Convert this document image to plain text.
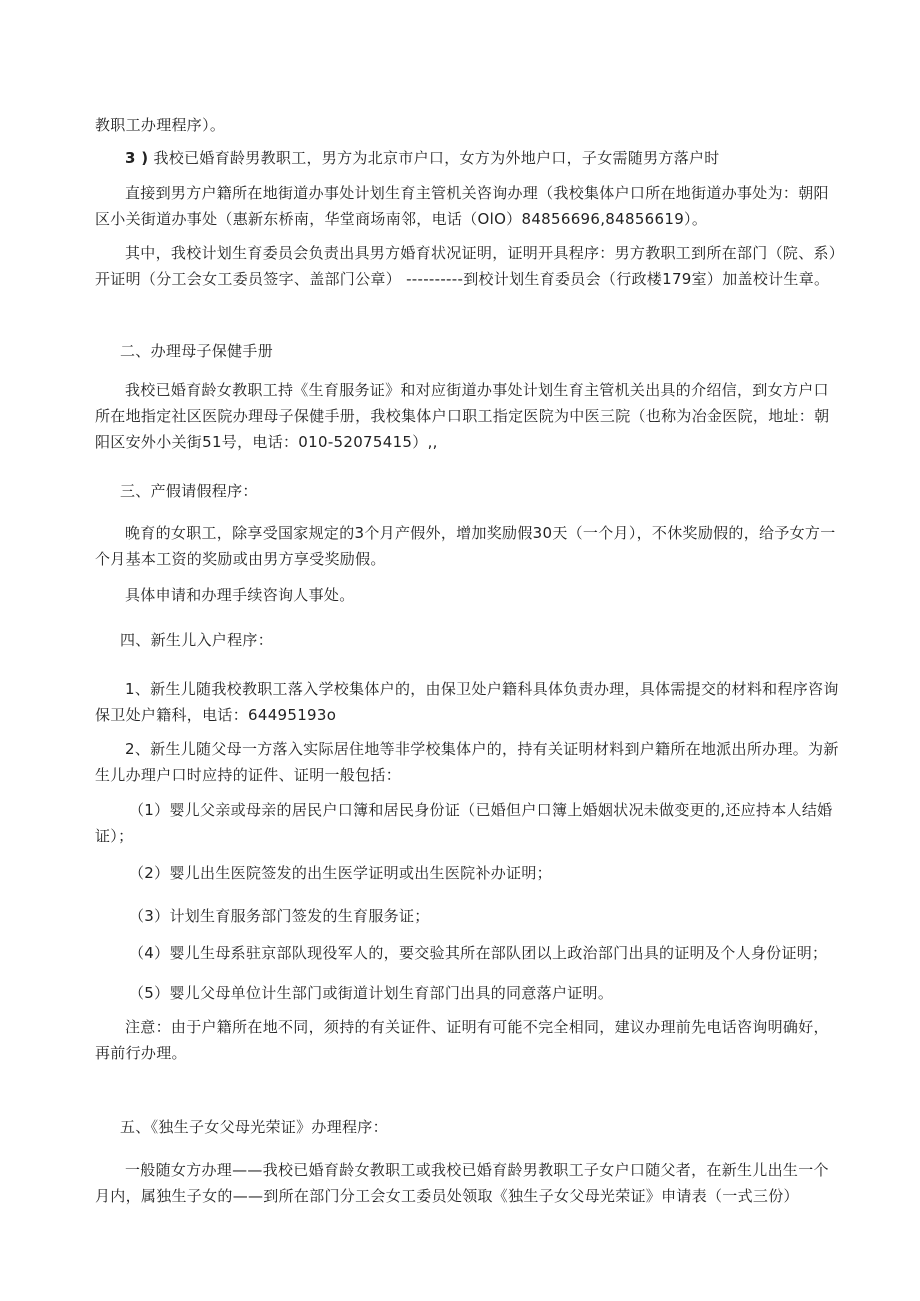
教职工办理程序）。

3 ) 我校已婚育龄男教职工，男方为北京市户口，女方为外地户口，子女需随男方落户时

直接到男方户籍所在地街道办事处计划生育主管机关咨询办理（我校集体户口所在地街道办事处为：朝阳区小关街道办事处（惠新东桥南，华堂商场南邻，电话（OlO）84856696,84856619）。

其中，我校计划生育委员会负责出具男方婚育状况证明，证明开具程序：男方教职工到所在部门（院、系）开证明（分工会女工委员签字、盖部门公章） ----------到校计划生育委员会（行政楼179室）加盖校计生章。

二、办理母子保健手册

我校已婚育龄女教职工持《生育服务证》和对应街道办事处计划生育主管机关出具的介绍信，到女方户口所在地指定社区医院办理母子保健手册，我校集体户口职工指定医院为中医三院（也称为冶金医院，地址：朝阳区安外小关街51号，电话：010-52075415）,,

三、产假请假程序：

晚育的女职工，除享受国家规定的3个月产假外，增加奖励假30天（一个月），不休奖励假的，给予女方一个月基本工资的奖励或由男方享受奖励假。

具体申请和办理手续咨询人事处。

四、新生儿入户程序：

1、新生儿随我校教职工落入学校集体户的，由保卫处户籍科具体负责办理，具体需提交的材料和程序咨询保卫处户籍科，电话：64495193o

2、新生儿随父母一方落入实际居住地等非学校集体户的，持有关证明材料到户籍所在地派出所办理。为新生儿办理户口时应持的证件、证明一般包括：

（1）婴儿父亲或母亲的居民户口簿和居民身份证（已婚但户口簿上婚姻状况未做变更的,还应持本人结婚证）；

（2）婴儿出生医院签发的出生医学证明或出生医院补办证明；

（3）计划生育服务部门签发的生育服务证；

（4）婴儿生母系驻京部队现役军人的，要交验其所在部队团以上政治部门出具的证明及个人身份证明；

（5）婴儿父母单位计生部门或街道计划生育部门出具的同意落户证明。

注意：由于户籍所在地不同，须持的有关证件、证明有可能不完全相同，建议办理前先电话咨询明确好，再前行办理。

五、《独生子女父母光荣证》办理程序：

一般随女方办理——我校已婚育龄女教职工或我校已婚育龄男教职工子女户口随父者，在新生儿出生一个月内，属独生子女的——到所在部门分工会女工委员处领取《独生子女父母光荣证》申请表（一式三份）
